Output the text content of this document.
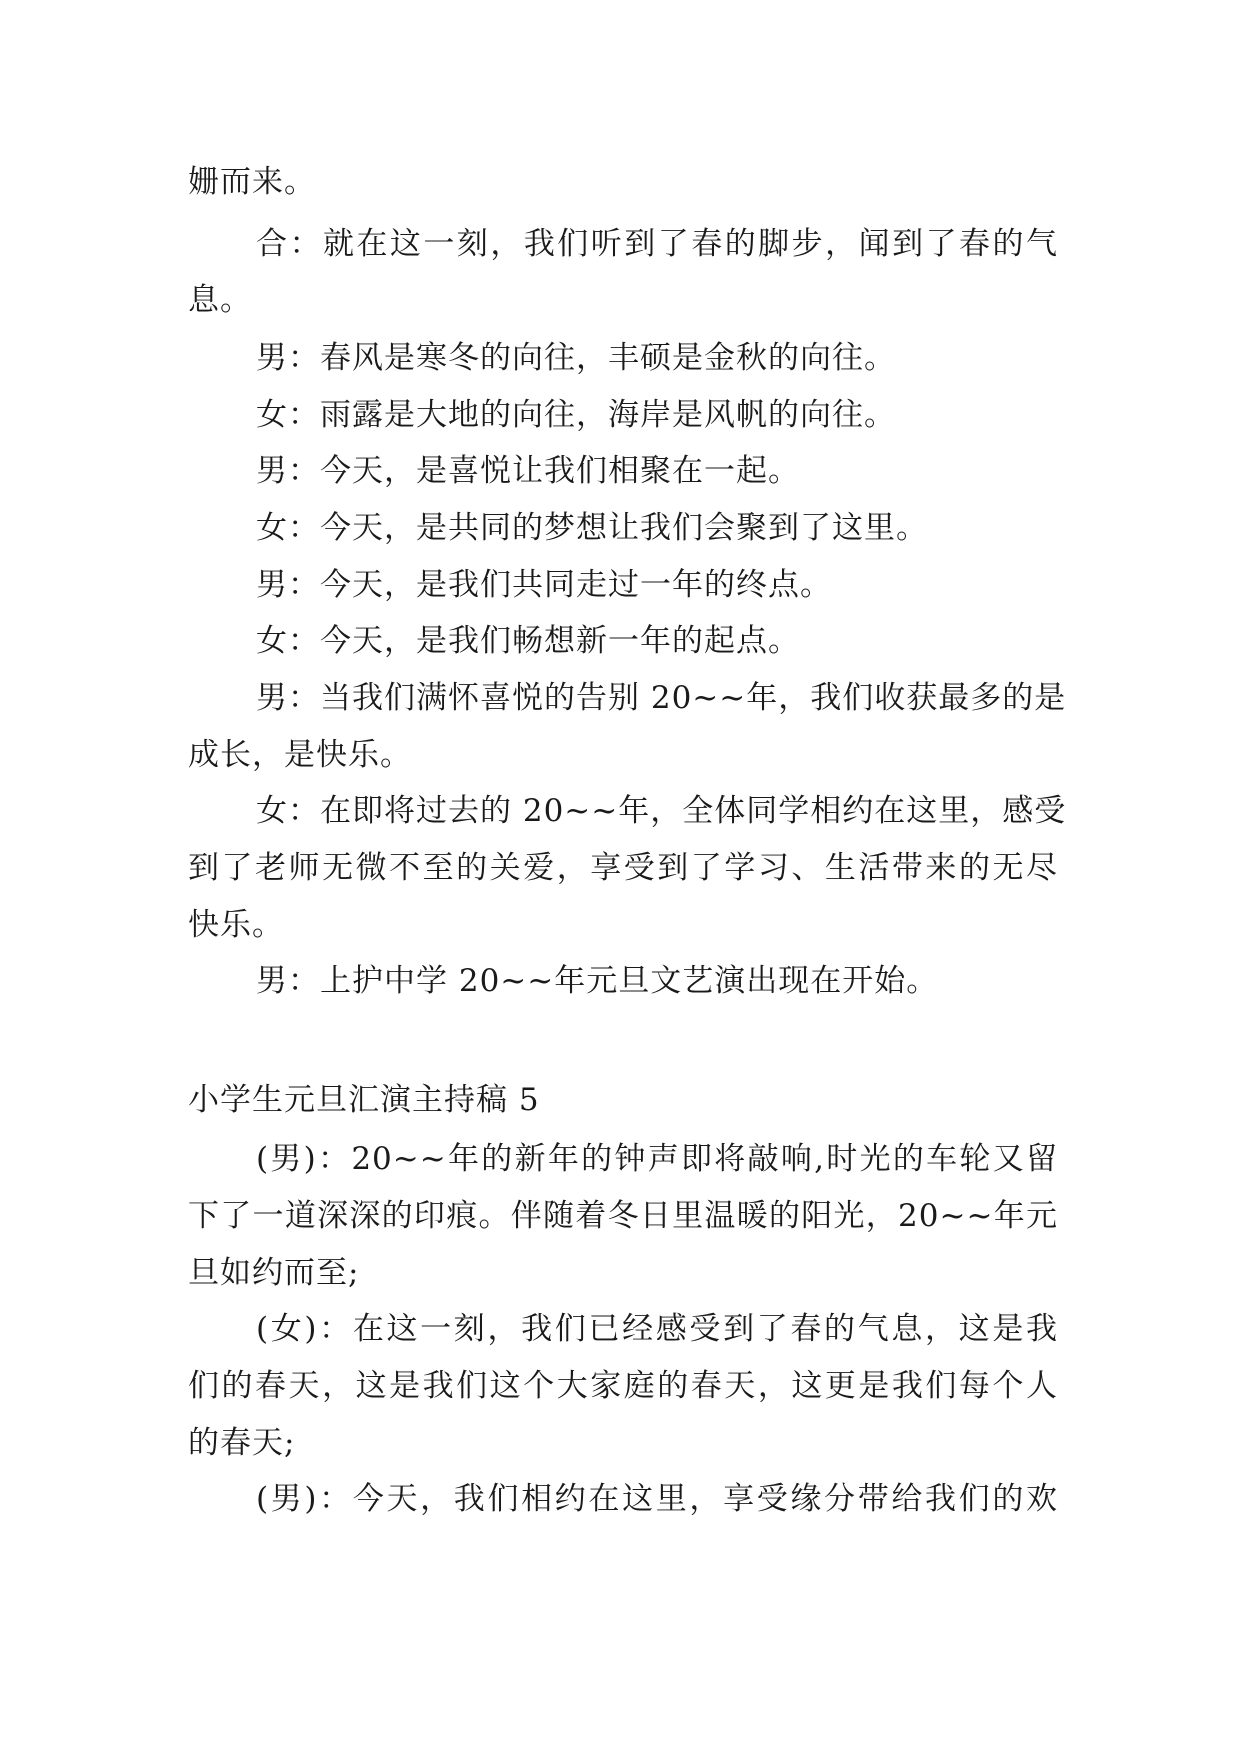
姗而来。
合：就在这一刻，我们听到了春的脚步，闻到了春的气
息。
男：春风是寒冬的向往，丰硕是金秋的向往。
女：雨露是大地的向往，海岸是风帆的向往。
男：今天，是喜悦让我们相聚在一起。
女：今天，是共同的梦想让我们会聚到了这里。
男：今天，是我们共同走过一年的终点。
女：今天，是我们畅想新一年的起点。
男：当我们满怀喜悦的告别 20~~年，我们收获最多的是
成长，是快乐。
女：在即将过去的 20~~年，全体同学相约在这里，感受
到了老师无微不至的关爱，享受到了学习、生活带来的无尽
快乐。
男：上护中学 20~~年元旦文艺演出现在开始。
小学生元旦汇演主持稿 5
(男)：20~~年的新年的钟声即将敲响,时光的车轮又留
下了一道深深的印痕。伴随着冬日里温暖的阳光，20~~年元
旦如约而至;
(女)：在这一刻，我们已经感受到了春的气息，这是我
们的春天，这是我们这个大家庭的春天，这更是我们每个人
的春天;
(男)：今天，我们相约在这里，享受缘分带给我们的欢
